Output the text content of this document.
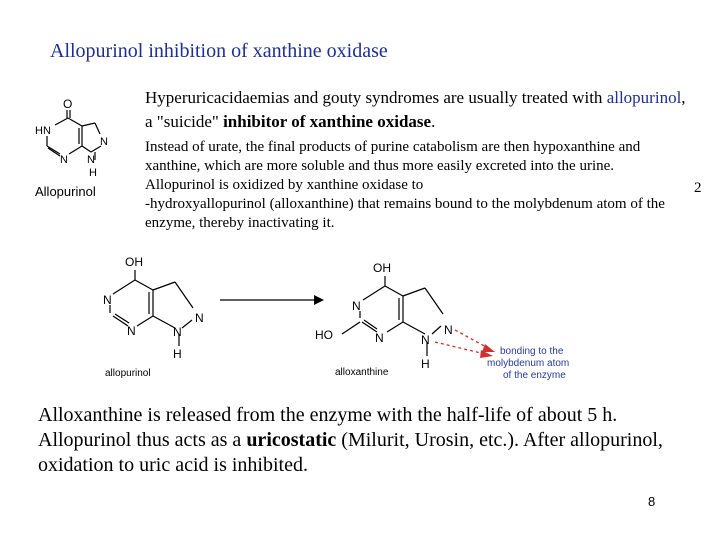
Allopurinol inhibition of xanthine oxidase
Hyperuricacidaemias and gouty syndromes are usually treated with allopurinol, a "suicide" inhibitor of xanthine oxidase.
Instead of urate, the final products of purine catabolism are then hypoxanthine and xanthine, which are more soluble and thus more easily excreted into the urine. Allopurinol is oxidized by xanthine oxidase to	2

-hydroxyallopurinol (alloxanthine) that remains bound to the molybdenum atom of the enzyme, thereby inactivating it.
O
HN
N
N
N
H
Allopurinol
OH
N
N
N
N
H
allopurinol
OH
HO
N
N
N
N
H
alloxanthine
bonding to the
molybdenum atom
of the enzyme
Alloxanthine is released from the enzyme with the half-life of about 5 h. Allopurinol thus acts as a uricostatic (Milurit, Urosin, etc.). After allopurinol, oxidation to uric acid is inhibited.
8
